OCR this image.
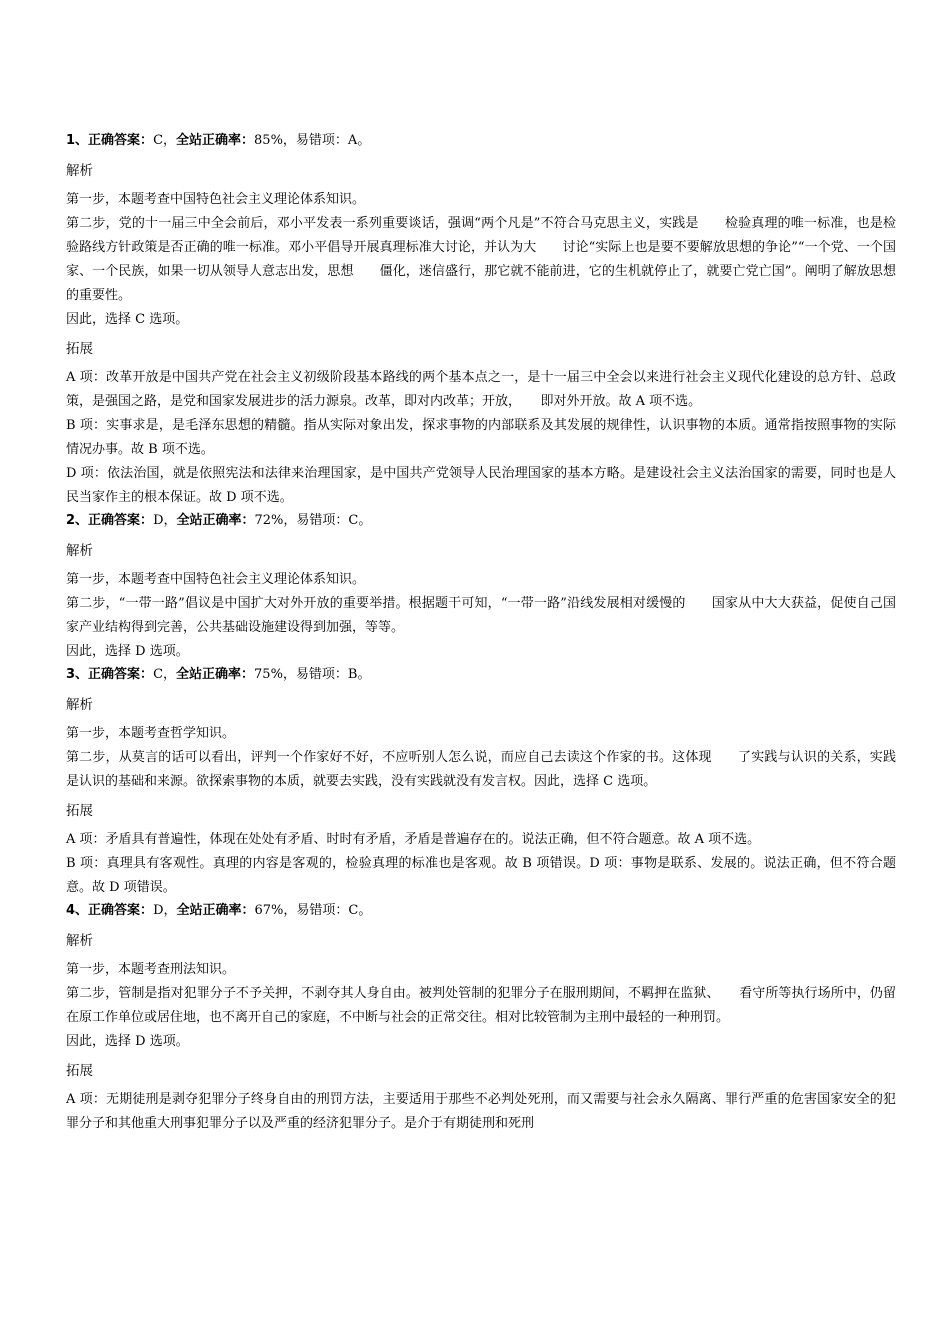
1、正确答案：C，全站正确率：85%，易错项：A。

解析

第一步，本题考查中国特色社会主义理论体系知识。

第二步，党的十一届三中全会前后，邓小平发表一系列重要谈话，强调“两个凡是”不符合马克思主义，实践是　　检验真理的唯一标准，也是检验路线方针政策是否正确的唯一标准。邓小平倡导开展真理标准大讨论，并认为大　　讨论“实际上也是要不要解放思想的争论”“一个党、一个国家、一个民族，如果一切从领导人意志出发，思想　　僵化，迷信盛行，那它就不能前进，它的生机就停止了，就要亡党亡国”。阐明了解放思想的重要性。

因此，选择 C 选项。

拓展

A 项：改革开放是中国共产党在社会主义初级阶段基本路线的两个基本点之一，是十一届三中全会以来进行社会主义现代化建设的总方针、总政策，是强国之路，是党和国家发展进步的活力源泉。改革，即对内改革；开放，　　即对外开放。故 A 项不选。

B 项：实事求是，是毛泽东思想的精髓。指从实际对象出发，探求事物的内部联系及其发展的规律性，认识事物的本质。通常指按照事物的实际情况办事。故 B 项不选。

D 项：依法治国，就是依照宪法和法律来治理国家，是中国共产党领导人民治理国家的基本方略。是建设社会主义法治国家的需要，同时也是人民当家作主的根本保证。故 D 项不选。

2、正确答案：D，全站正确率：72%，易错项：C。

解析

第一步，本题考查中国特色社会主义理论体系知识。

第二步，“一带一路”倡议是中国扩大对外开放的重要举措。根据题干可知，“一带一路”沿线发展相对缓慢的　　国家从中大大获益，促使自己国家产业结构得到完善，公共基础设施建设得到加强，等等。

因此，选择 D 选项。

3、正确答案：C，全站正确率：75%，易错项：B。

解析

第一步，本题考查哲学知识。

第二步，从莫言的话可以看出，评判一个作家好不好，不应听别人怎么说，而应自己去读这个作家的书。这体现　　了实践与认识的关系，实践是认识的基础和来源。欲探索事物的本质，就要去实践，没有实践就没有发言权。因此，选择 C 选项。

拓展

A 项：矛盾具有普遍性，体现在处处有矛盾、时时有矛盾，矛盾是普遍存在的。说法正确，但不符合题意。故 A 项不选。

B 项：真理具有客观性。真理的内容是客观的，检验真理的标准也是客观。故 B 项错误。D 项：事物是联系、发展的。说法正确，但不符合题意。故 D 项错误。

4、正确答案：D，全站正确率：67%，易错项：C。

解析

第一步，本题考查刑法知识。

第二步，管制是指对犯罪分子不予关押，不剥夺其人身自由。被判处管制的犯罪分子在服刑期间，不羁押在监狱、　　看守所等执行场所中，仍留在原工作单位或居住地，也不离开自己的家庭，不中断与社会的正常交往。相对比较管制为主刑中最轻的一种刑罚。

因此，选择 D 选项。

拓展

A 项：无期徒刑是剥夺犯罪分子终身自由的刑罚方法，主要适用于那些不必判处死刑，而又需要与社会永久隔离、罪行严重的危害国家安全的犯罪分子和其他重大刑事犯罪分子以及严重的经济犯罪分子。是介于有期徒刑和死刑
